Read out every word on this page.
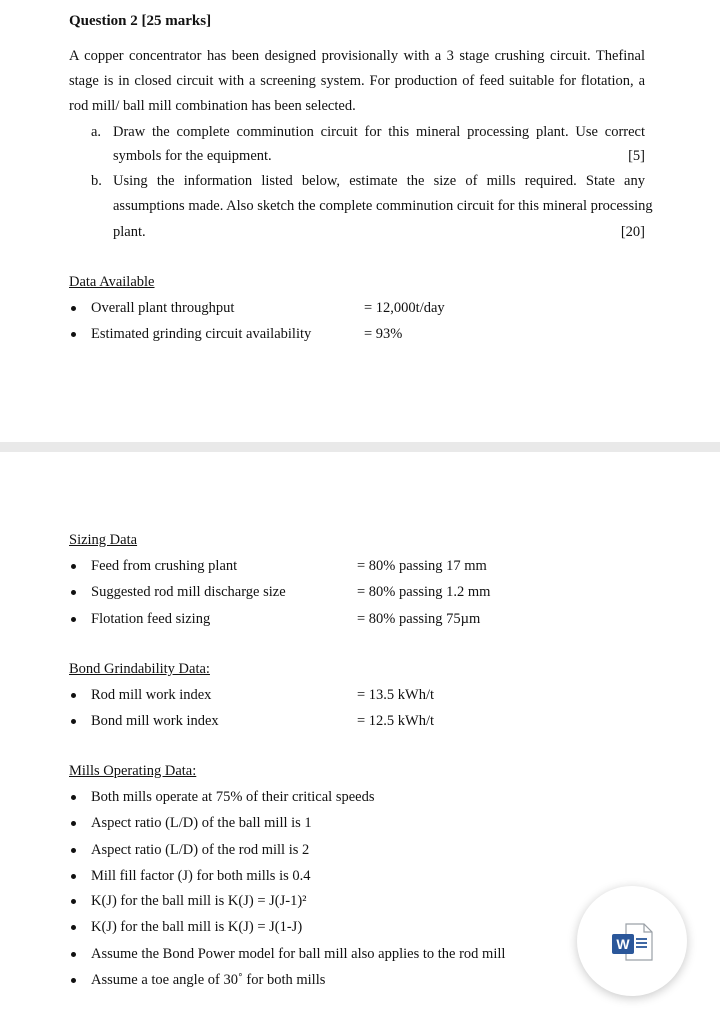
Question 2 [25 marks]
A copper concentrator has been designed provisionally with a 3 stage crushing circuit. Thefinal
stage is in closed circuit with a screening system. For production of feed suitable for flotation, a
rod mill/ ball mill combination has been selected.
a. Draw the complete comminution circuit for this mineral processing plant. Use correct
symbols for the equipment.	[5]
b. Using the information listed below, estimate the size of mills required. State any
assumptions made. Also sketch the complete comminution circuit for this mineral processing
plant.	[20]
Data Available
Overall plant throughput	= 12,000t/day
Estimated grinding circuit availability	= 93%
Sizing Data
Feed from crushing plant	= 80% passing 17 mm
Suggested rod mill discharge size	= 80% passing 1.2 mm
Flotation feed sizing	= 80% passing 75µm
Bond Grindability Data:
Rod mill work index	= 13.5 kWh/t
Bond mill work index	= 12.5 kWh/t
Mills Operating Data:
Both mills operate at 75% of their critical speeds
Aspect ratio (L/D) of the ball mill is 1
Aspect ratio (L/D) of the rod mill is 2
Mill fill factor (J) for both mills is 0.4
K(J) for the ball mill is K(J) = J(J-1)²
K(J) for the ball mill is K(J) = J(1-J)
Assume the Bond Power model for ball mill also applies to the rod mill
Assume a toe angle of 30˚ for both mills
W
